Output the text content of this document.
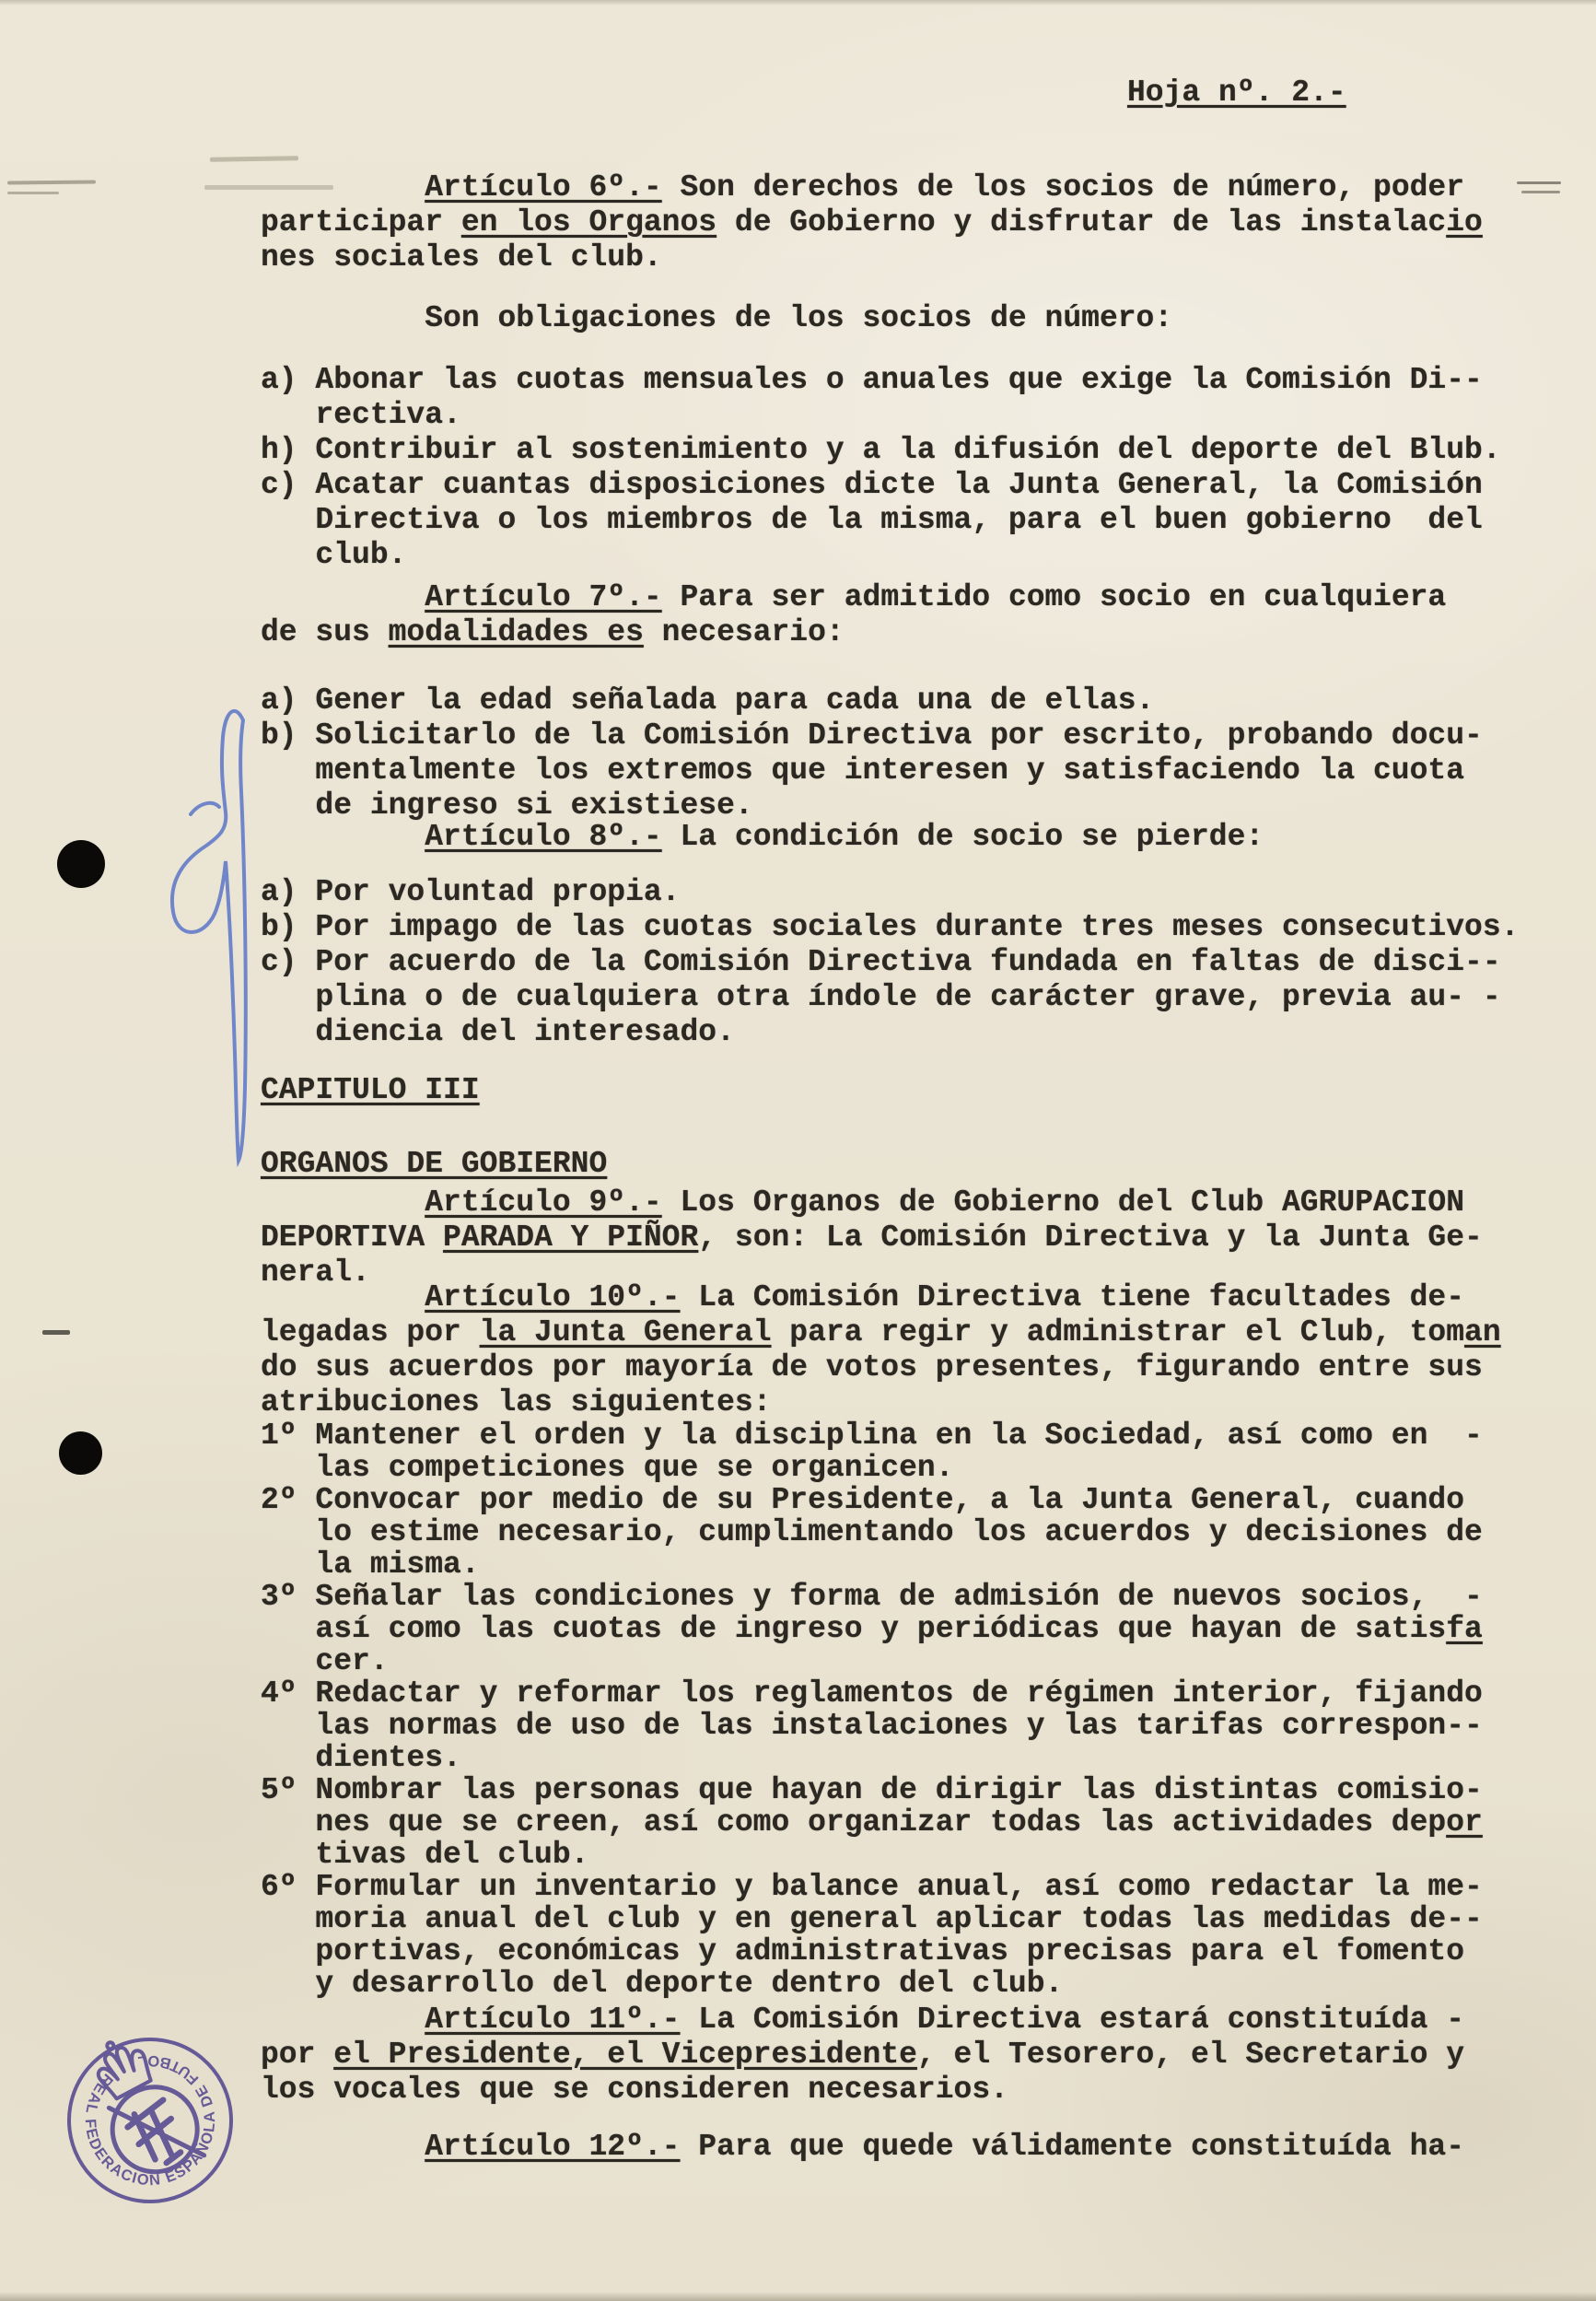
Hoja nº. 2.-
Artículo 6º.- Son derechos de los socios de número, poder
participar en los Organos de Gobierno y disfrutar de las instalacio
nes sociales del club.
Son obligaciones de los socios de número:
a) Abonar las cuotas mensuales o anuales que exige la Comisión Di--
rectiva.
h) Contribuir al sostenimiento y a la difusión del deporte del Blub.
c) Acatar cuantas disposiciones dicte la Junta General, la Comisión
Directiva o los miembros de la misma, para el buen gobierno  del
club.
Artículo 7º.- Para ser admitido como socio en cualquiera
de sus modalidades es necesario:
a) Gener la edad señalada para cada una de ellas.
b) Solicitarlo de la Comisión Directiva por escrito, probando docu-
mentalmente los extremos que interesen y satisfaciendo la cuota
de ingreso si existiese.
Artículo 8º.- La condición de socio se pierde:
a) Por voluntad propia.
b) Por impago de las cuotas sociales durante tres meses consecutivos.
c) Por acuerdo de la Comisión Directiva fundada en faltas de disci--
plina o de cualquiera otra índole de carácter grave, previa au- -
diencia del interesado.
CAPITULO III
ORGANOS DE GOBIERNO
Artículo 9º.- Los Organos de Gobierno del Club AGRUPACION
DEPORTIVA PARADA Y PIÑOR, son: La Comisión Directiva y la Junta Ge-
neral.
Artículo 10º.- La Comisión Directiva tiene facultades de-
legadas por la Junta General para regir y administrar el Club, toman
do sus acuerdos por mayoría de votos presentes, figurando entre sus
atribuciones las siguientes:
1º Mantener el orden y la disciplina en la Sociedad, así como en  -
las competiciones que se organicen.
2º Convocar por medio de su Presidente, a la Junta General, cuando
lo estime necesario, cumplimentando los acuerdos y decisiones de
la misma.
3º Señalar las condiciones y forma de admisión de nuevos socios,  -
así como las cuotas de ingreso y periódicas que hayan de satisfa
cer.
4º Redactar y reformar los reglamentos de régimen interior, fijando
las normas de uso de las instalaciones y las tarifas correspon--
dientes.
5º Nombrar las personas que hayan de dirigir las distintas comisio-
nes que se creen, así como organizar todas las actividades depor
tivas del club.
6º Formular un inventario y balance anual, así como redactar la me-
moria anual del club y en general aplicar todas las medidas de--
portivas, económicas y administrativas precisas para el fomento
y desarrollo del deporte dentro del club.
Artículo 11º.- La Comisión Directiva estará constituída -
por el Presidente, el Vicepresidente, el Tesorero, el Secretario y
los vocales que se consideren necesarios.
Artículo 12º.- Para que quede válidamente constituída ha-
REAL FEDERACION ESPAÑOLA DE FUTBOL
